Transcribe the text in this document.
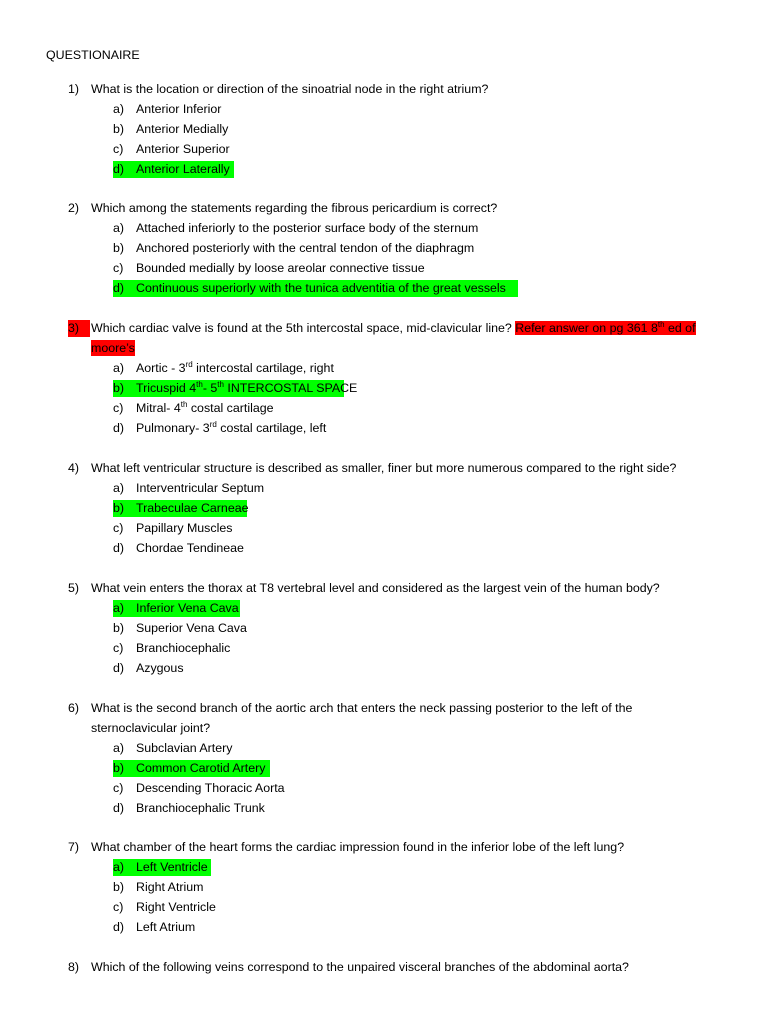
QUESTIONAIRE
1) What is the location or direction of the sinoatrial node in the right atrium?
a) Anterior Inferior
b) Anterior Medially
c) Anterior Superior
d) Anterior Laterally
2) Which among the statements regarding the fibrous pericardium is correct?
a) Attached inferiorly to the posterior surface body of the sternum
b) Anchored posteriorly with the central tendon of the diaphragm
c) Bounded medially by loose areolar connective tissue
d) Continuous superiorly with the tunica adventitia of the great vessels
3) Which cardiac valve is found at the 5th intercostal space, mid-clavicular line? Refer answer on pg 361 8th ed of
moore’s
a) Aortic - 3rd intercostal cartilage, right
b) Tricuspid 4th- 5th INTERCOSTAL SPACE
c) Mitral- 4th costal cartilage
d) Pulmonary- 3rd costal cartilage, left
4) What left ventricular structure is described as smaller, finer but more numerous compared to the right side?
a) Interventricular Septum
b) Trabeculae Carneae
c) Papillary Muscles
d) Chordae Tendineae
5) What vein enters the thorax at T8 vertebral level and considered as the largest vein of the human body?
a) Inferior Vena Cava
b) Superior Vena Cava
c) Branchiocephalic
d) Azygous
6) What is the second branch of the aortic arch that enters the neck passing posterior to the left of the
sternoclavicular joint?
a) Subclavian Artery
b) Common Carotid Artery
c) Descending Thoracic Aorta
d) Branchiocephalic Trunk
7) What chamber of the heart forms the cardiac impression found in the inferior lobe of the left lung?
a) Left Ventricle
b) Right Atrium
c) Right Ventricle
d) Left Atrium
8) Which of the following veins correspond to the unpaired visceral branches of the abdominal aorta?
